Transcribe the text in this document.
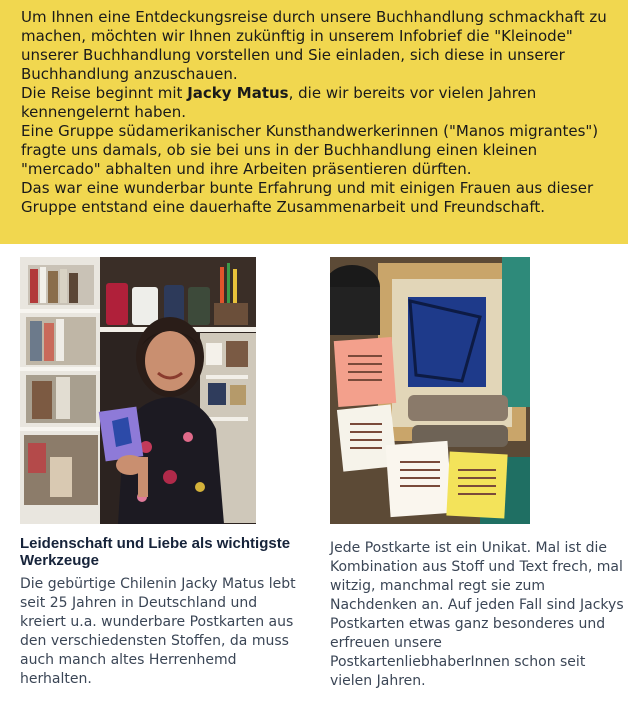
Um Ihnen eine Entdeckungsreise durch unsere Buchhandlung schmackhaft zu machen, möchten wir Ihnen zukünftig in unserem Infobrief die "Kleinode" unserer Buchhandlung vorstellen und Sie einladen, sich diese in unserer Buchhandlung anzuschauen.

Die Reise beginnt mit Jacky Matus, die wir bereits vor vielen Jahren kennengelernt haben.

Eine Gruppe südamerikanischer Kunsthandwerkerinnen ("Manos migrantes") fragte uns damals, ob sie bei uns in der Buchhandlung einen kleinen "mercado" abhalten und ihre Arbeiten präsentieren dürften.

Das war eine wunderbar bunte Erfahrung und mit einigen Frauen aus dieser Gruppe entstand eine dauerhafte Zusammenarbeit und Freundschaft.

Leidenschaft und Liebe als wichtigste Werkzeuge
Die gebürtige Chilenin Jacky Matus lebt seit 25 Jahren in Deutschland und kreiert u.a. wunderbare Postkarten aus den verschiedensten Stoffen, da muss auch manch altes Herrenhemd herhalten.
Jede Postkarte ist ein Unikat. Mal ist die Kombination aus Stoff und Text frech, mal witzig, manchmal regt sie zum Nachdenken an. Auf jeden Fall sind Jackys Postkarten etwas ganz besonderes und erfreuen unsere PostkartenliebhaberInnen schon seit vielen Jahren.
